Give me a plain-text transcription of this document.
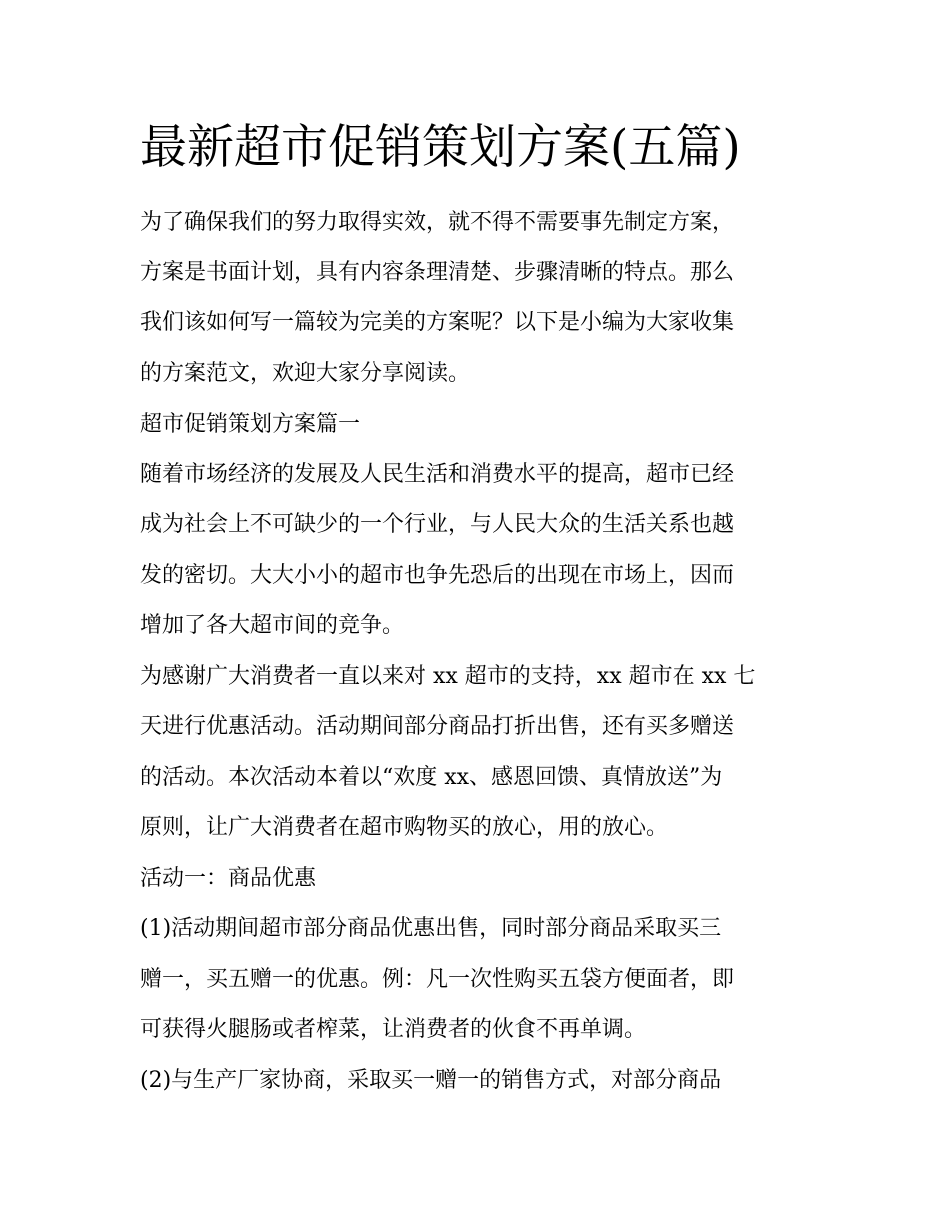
最新超市促销策划方案(五篇)

为了确保我们的努力取得实效，就不得不需要事先制定方案，

方案是书面计划，具有内容条理清楚、步骤清晰的特点。那么

我们该如何写一篇较为完美的方案呢？以下是小编为大家收集

的方案范文，欢迎大家分享阅读。

超市促销策划方案篇一

随着市场经济的发展及人民生活和消费水平的提高，超市已经

成为社会上不可缺少的一个行业，与人民大众的生活关系也越

发的密切。大大小小的超市也争先恐后的出现在市场上，因而

增加了各大超市间的竞争。

为感谢广大消费者一直以来对 xx 超市的支持，xx 超市在 xx 七

天进行优惠活动。活动期间部分商品打折出售，还有买多赠送

的活动。本次活动本着以“欢度 xx、感恩回馈、真情放送”为

原则，让广大消费者在超市购物买的放心，用的放心。

活动一：商品优惠

(1)活动期间超市部分商品优惠出售，同时部分商品采取买三

赠一，买五赠一的优惠。例：凡一次性购买五袋方便面者，即

可获得火腿肠或者榨菜，让消费者的伙食不再单调。

(2)与生产厂家协商，采取买一赠一的销售方式，对部分商品
